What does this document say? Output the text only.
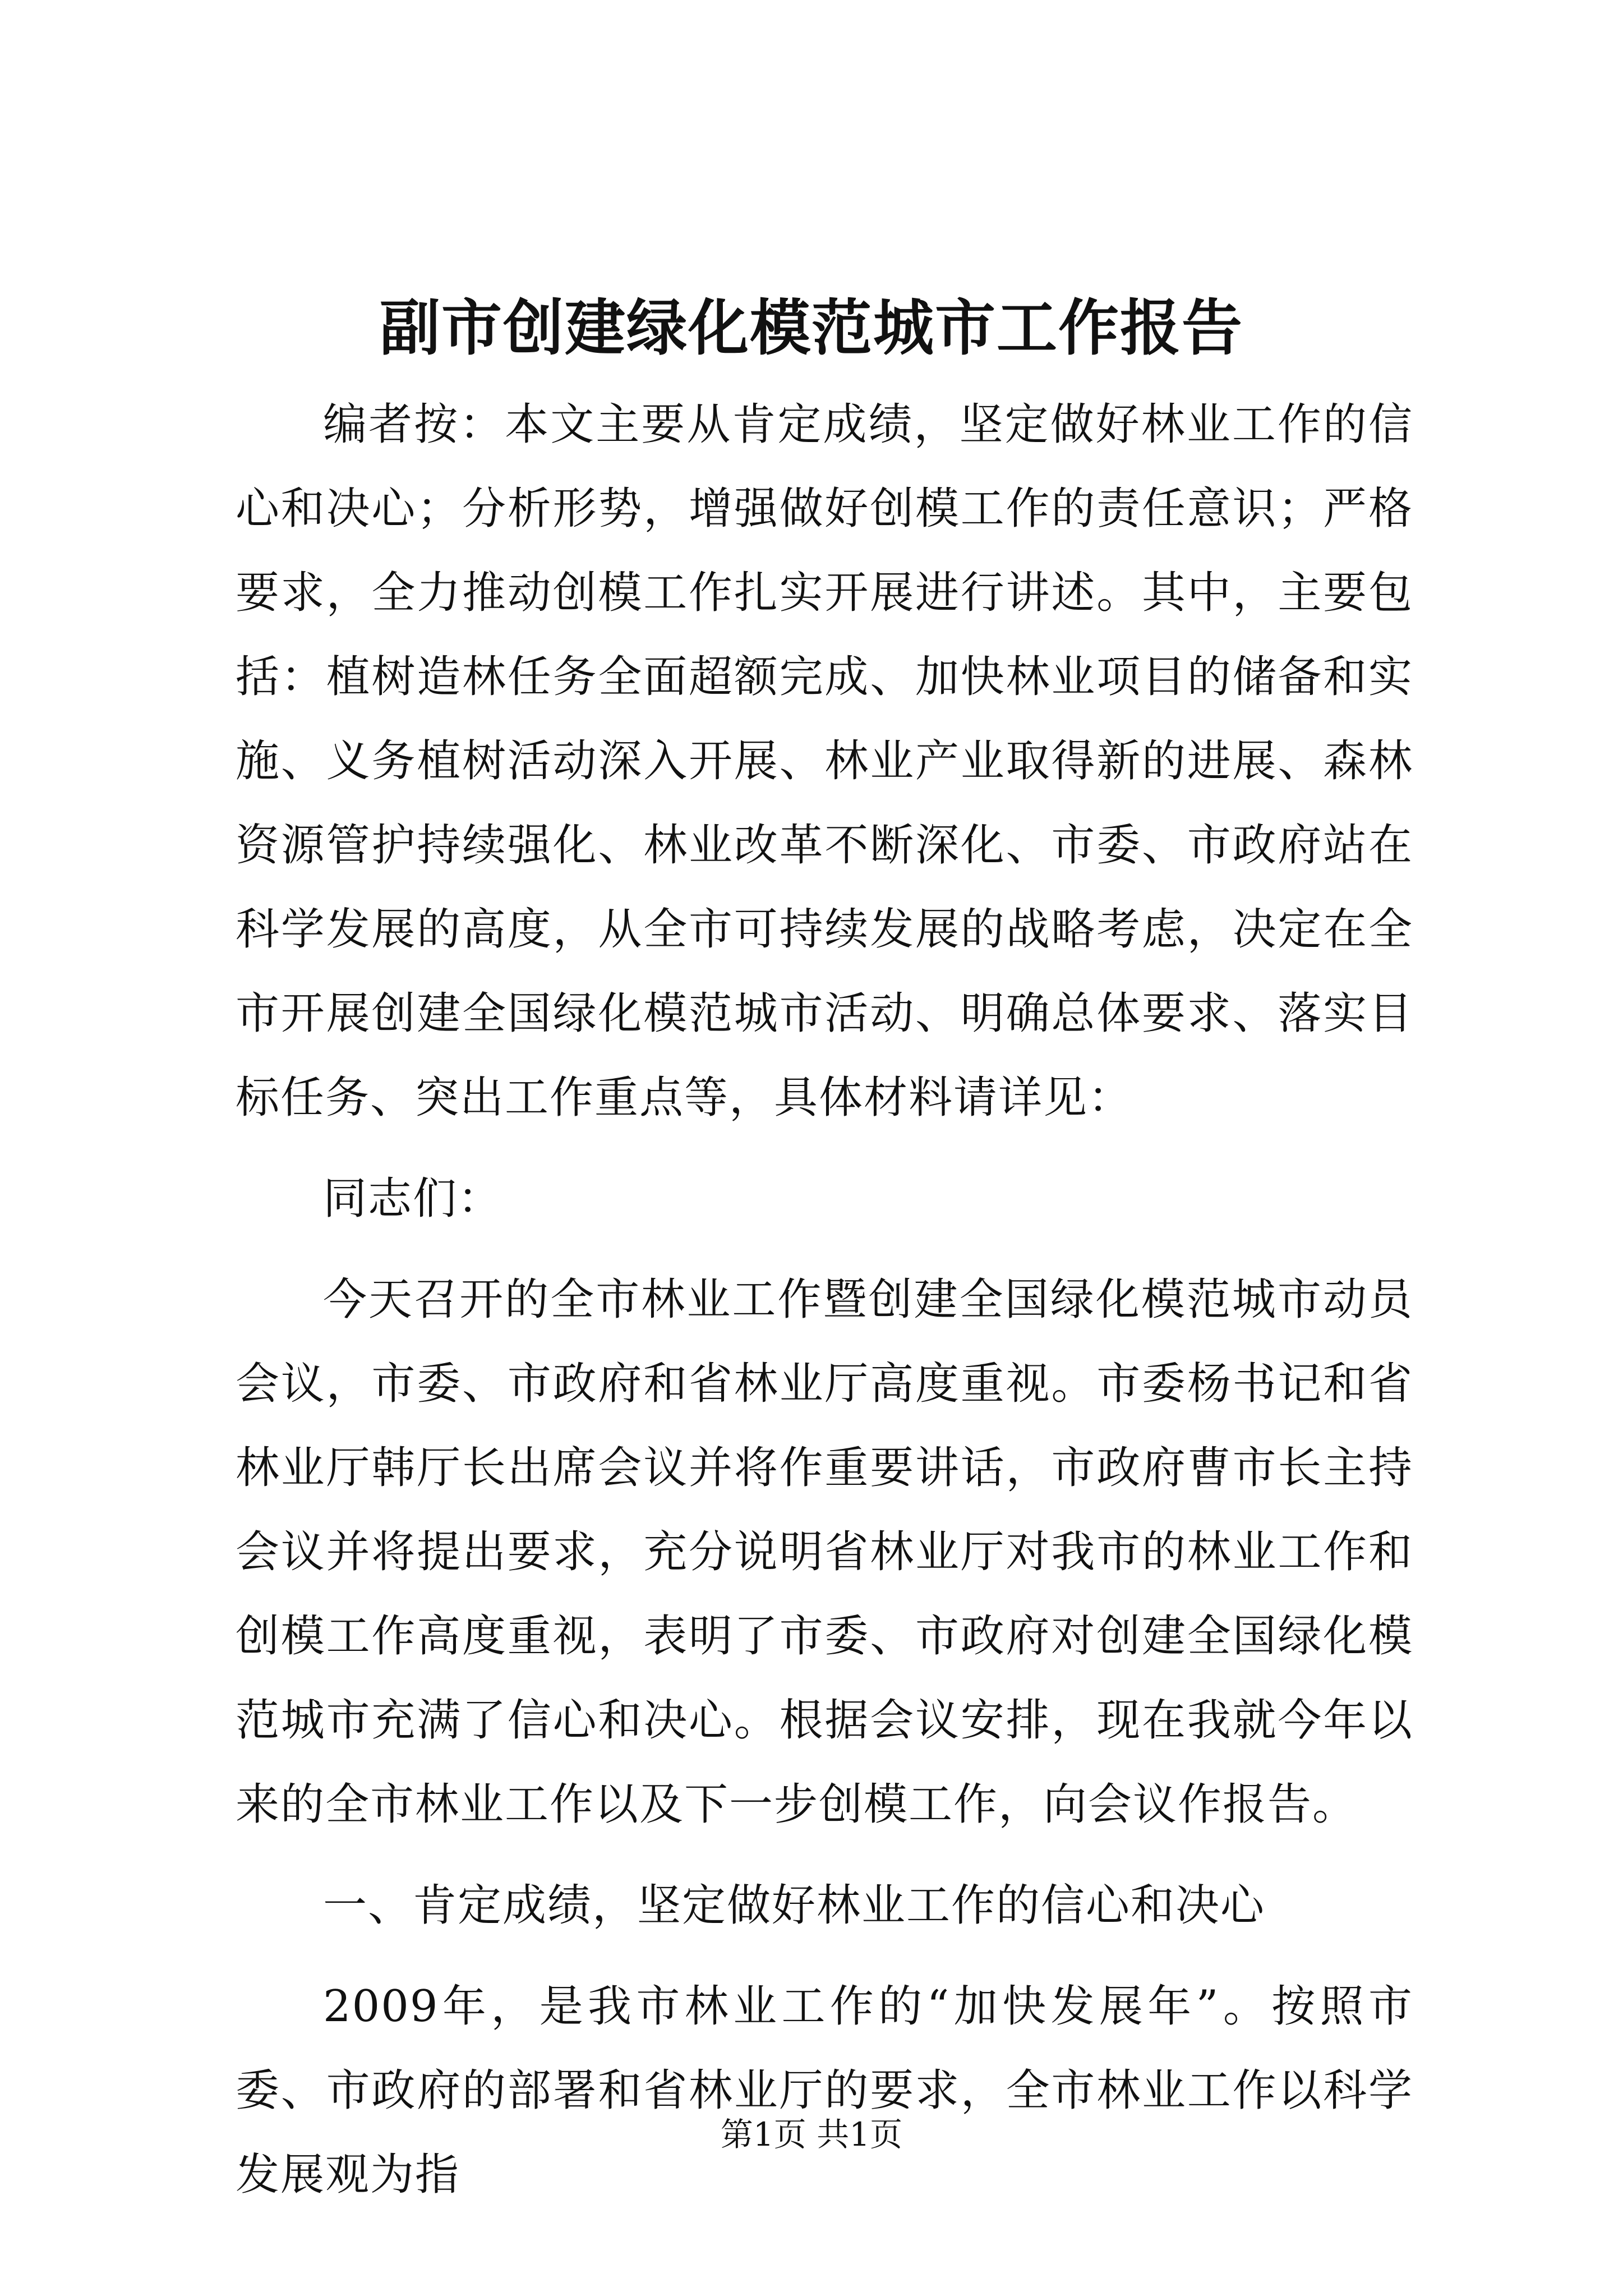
副市创建绿化模范城市工作报告

编者按：本文主要从肯定成绩，坚定做好林业工作的信心和决心；分析形势，增强做好创模工作的责任意识；严格要求，全力推动创模工作扎实开展进行讲述。其中，主要包括：植树造林任务全面超额完成、加快林业项目的储备和实施、义务植树活动深入开展、林业产业取得新的进展、森林资源管护持续强化、林业改革不断深化、市委、市政府站在科学发展的高度，从全市可持续发展的战略考虑，决定在全市开展创建全国绿化模范城市活动、明确总体要求、落实目标任务、突出工作重点等，具体材料请详见：

同志们：

今天召开的全市林业工作暨创建全国绿化模范城市动员会议，市委、市政府和省林业厅高度重视。市委杨书记和省林业厅韩厅长出席会议并将作重要讲话，市政府曹市长主持会议并将提出要求，充分说明省林业厅对我市的林业工作和创模工作高度重视，表明了市委、市政府对创建全国绿化模范城市充满了信心和决心。根据会议安排，现在我就今年以来的全市林业工作以及下一步创模工作，向会议作报告。

一、肯定成绩，坚定做好林业工作的信心和决心

2009年，是我市林业工作的“加快发展年”。按照市委、市政府的部署和省林业厅的要求，全市林业工作以科学发展观为指

第1页 共1页
